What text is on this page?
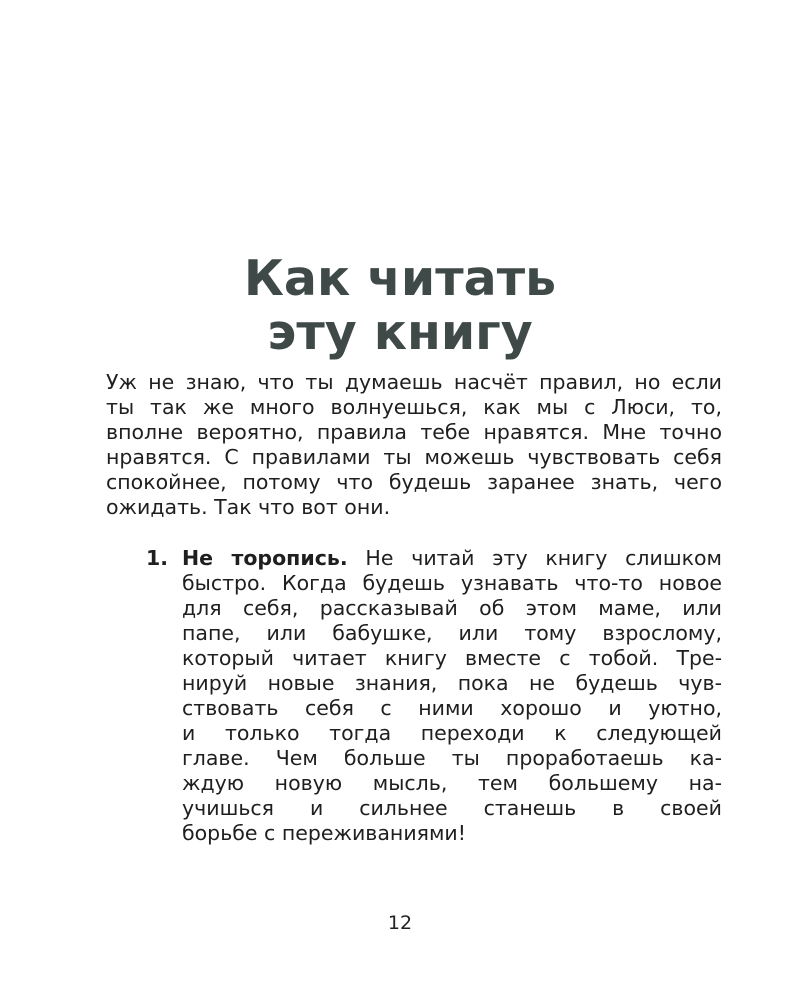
Как читать
эту книгу
Уж не знаю, что ты думаешь насчёт правил, но если
ты так же много волнуешься, как мы с Люси, то,
вполне вероятно, правила тебе нравятся. Мне точно
нравятся. С правилами ты можешь чувствовать себя
спокойнее, потому что будешь заранее знать, чего
ожидать. Так что вот они.
1. Не торопись. Не читай эту книгу слишком
быстро. Когда будешь узнавать что-то новое
для себя, рассказывай об этом маме, или
папе, или бабушке, или тому взрослому,
который читает книгу вместе с тобой. Тре-
нируй новые знания, пока не будешь чув-
ствовать себя с ними хорошо и уютно,
и только тогда переходи к следующей
главе. Чем больше ты проработаешь ка-
ждую новую мысль, тем большему на-
учишься и сильнее станешь в своей
борьбе с переживаниями!
12
